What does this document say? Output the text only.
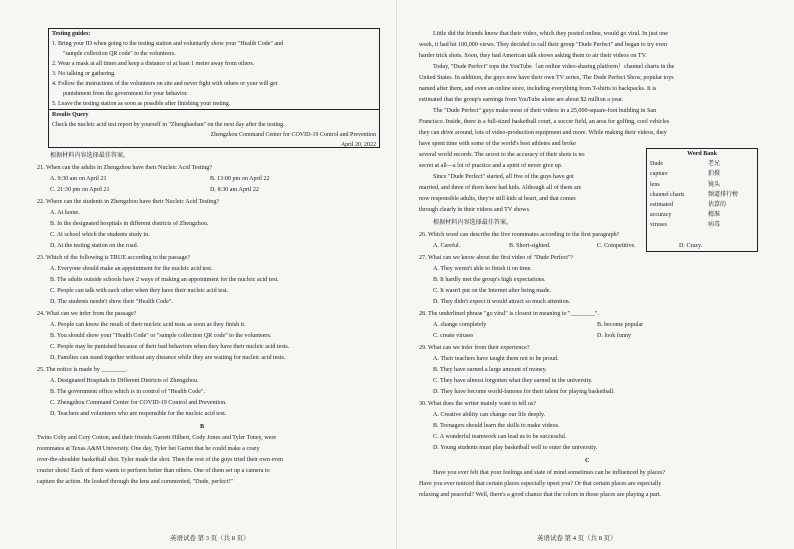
Testing guides:
1. Bring your ID when going to the testing station and voluntarily show your "Health Code" and
"sample collection QR code" to the volunteers.
2. Wear a mask at all times and keep a distance of at least 1 meter away from others.
3. No talking or gathering.
4. Follow the instructions of the volunteers on site and never fight with others or your will get
punishment from the government for your behavior.
5. Leave the testing station as soon as possible after finishing your testing.
Results Query
Check the nucleic acid test report by yourself in "Zhenghaoban" on the next day after the testing.
Zhengzhou Command Center for COVID-19 Control and Prevention
April 20, 2022
根据材料内容选择最佳答案。
21. When can the adults in Zhengzhou have their Nucleic Acid Testing?
A. 9:30 am on April 21	B. 13:00 pm on April 22
C. 21:30 pm on April 21	D. 8:30 am April 22
22. Where can the students in Zhengzhou have their Nucleic Acid Testing?
A. At home.
B. In the designated hospitals in different districts of Zhengzhou.
C. At school which the students study in.
D. At the testing station on the road.
23. Which of the following is TRUE according to the passage?
A. Everyone should make an appointment for the nucleic acid test.
B. The adults outside schools have 2 ways of making an appointment for the nucleic acid test.
C. People can talk with each other when they have their nucleic acid test.
D. The students needn't show their "Health Code".
24. What can we infer from the passage?
A. People can know the result of their nucleic acid tests as soon as they finish it.
B. You should show your "Health Code" or "sample collection QR code" to the volunteers.
C. People may be punished because of their bad behaviors when they have their nucleic acid tests.
D. Families can stand together without any distance while they are waiting for nucleic acid tests.
25. The notice is made by ________.
A. Designated Hospitals in Different Districts of Zhengzhou.
B. The government office which is in control of "Health Code".
C. Zhengzhou Command Center for COVID-19 Control and Prevention.
D. Teachers and volunteers who are responsible for the nucleic acid test.
B
Twins Coby and Cory Cotton, and their friends Garrett Hilbert, Cody Jones and Tyler Toney, were
roommates at Texas A&M University. One day, Tyler bet Garret that he could make a crazy
over-the-shoulder basketball shot. Tyler made the shot. Then the rest of the guys tried their own even
crazier shots! Each of them wants to perform better than others. One of them set up a camera to
capture the action. He looked through the lens and commented, "Dude, perfect!"
英语试卷 第 3 页（共 8 页）
Little did the friends know that their video, which they posted online, would go viral. In just one
week, it had hit 100,000 views. They decided to call their group "Dude Perfect" and began to try even
harder trick shots. Soon, they had American talk shows asking them to air their videos on TV.
Today, "Dude Perfect" tops the YouTube（an online video-sharing platform）channel charts in the
United States. In addition, the guys now have their own TV series, The Dude Perfect Show, popular toys
named after them, and even an online store, including everything from T-shirts to backpacks. It is
estimated that the group's earnings from YouTube alone are about $2 million a year.
The "Dude Perfect" guys make most of their videos in a 25,000-square-foot building in San
Francisco. Inside, there is a full-sized basketball court, a soccer field, an area for golfing, cool vehicles
they can drive around, lots of video-production equipment and more. While making their videos, they
have spent time with some of the world's best athletes and broke
several world records. The secret to the accuracy of their shots is no
secret at all—a lot of practice and a spirit of never give up.
Since "Dude Perfect" started, all five of the guys have got
married, and three of them have had kids. Although all of them are
now responsible adults, they're still kids at heart, and that comes
through clearly in their videos and TV shows.
Word Bank
Dude	老兄
capture	拍摄
lens	镜头
channel charts	频道排行榜
estimated	估算的
accuracy	精准
viruses	病毒
根据材料内容选择最佳答案。
26. Which word can describe the five roommates according to the first paragraph?
A. Careful.	B. Short-sighted.	C. Competitive.	D. Crazy.
27. What can we know about the first video of "Dude Perfect"?
A. They weren't able to finish it on time.
B. It hardly met the group's high expectations.
C. It wasn't put on the Internet after being made.
D. They didn't expect it would attract so much attention.
28. The underlined phrase "go viral" is closest in meaning to "________".
A. change completely	B. become popular
C. create viruses	D. look funny
29. What can we infer from their experience?
A. Their teachers have taught them not to be proud.
B. They have earned a large amount of money.
C. They have almost forgotten what they earned in the university.
D. They have become world-famous for their talent for playing basketball.
30. What does the writer mainly want to tell us?
A. Creative ability can change our life deeply.
B. Teenagers should learn the skills to make videos.
C. A wonderful teamwork can lead us to be successful.
D. Young students must play basketball well to enter the university.
C
Have you ever felt that your feelings and state of mind sometimes can be influenced by places?
Have you ever noticed that certain places especially upset you? Or that certain places are especially
relaxing and peaceful? Well, there's a good chance that the colors in those places are playing a part.
英语试卷 第 4 页（共 8 页）
